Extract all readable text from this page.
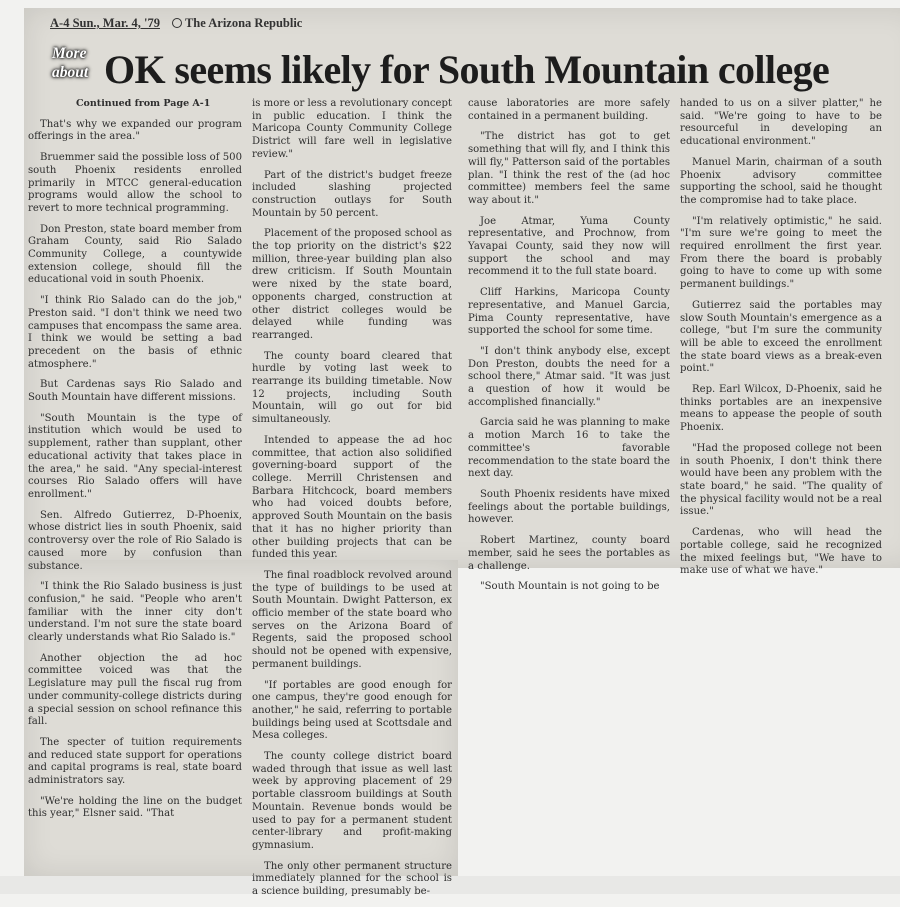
A-4 Sun., Mar. 4, '79 The Arizona Republic
More about OK seems likely for South Mountain college

Continued from Page A-1

That's why we expanded our program offerings in the area."

Bruemmer said the possible loss of 500 south Phoenix residents enrolled primarily in MTCC general-education programs would allow the school to revert to more technical programming.

Don Preston, state board member from Graham County, said Rio Salado Community College, a countywide extension college, should fill the educational void in south Phoenix.

"I think Rio Salado can do the job," Preston said. "I don't think we need two campuses that encompass the same area. I think we would be setting a bad precedent on the basis of ethnic atmosphere."

But Cardenas says Rio Salado and South Mountain have different missions.

"South Mountain is the type of institution which would be used to supplement, rather than supplant, other educational activity that takes place in the area," he said. "Any special-interest courses Rio Salado offers will have enrollment."

Sen. Alfredo Gutierrez, D-Phoenix, whose district lies in south Phoenix, said controversy over the role of Rio Salado is caused more by confusion than substance.

"I think the Rio Salado business is just confusion," he said. "People who aren't familiar with the inner city don't understand. I'm not sure the state board clearly understands what Rio Salado is."

Another objection the ad hoc committee voiced was that the Legislature may pull the fiscal rug from under community-college districts during a special session on school refinance this fall.

The specter of tuition requirements and reduced state support for operations and capital programs is real, state board administrators say.

"We're holding the line on the budget this year," Elsner said. "That

is more or less a revolutionary concept in public education. I think the Maricopa County Community College District will fare well in legislative review."

Part of the district's budget freeze included slashing projected construction outlays for South Mountain by 50 percent.

Placement of the proposed school as the top priority on the district's $22 million, three-year building plan also drew criticism. If South Mountain were nixed by the state board, opponents charged, construction at other district colleges would be delayed while funding was rearranged.

The county board cleared that hurdle by voting last week to rearrange its building timetable. Now 12 projects, including South Mountain, will go out for bid simultaneously.

Intended to appease the ad hoc committee, that action also solidified governing-board support of the college. Merrill Christensen and Barbara Hitchcock, board members who had voiced doubts before, approved South Mountain on the basis that it has no higher priority than other building projects that can be funded this year.

The final roadblock revolved around the type of buildings to be used at South Mountain. Dwight Patterson, ex officio member of the state board who serves on the Arizona Board of Regents, said the proposed school should not be opened with expensive, permanent buildings.

"If portables are good enough for one campus, they're good enough for another," he said, referring to portable buildings being used at Scottsdale and Mesa colleges.

The county college district board waded through that issue as well last week by approving placement of 29 portable classroom buildings at South Mountain. Revenue bonds would be used to pay for a permanent student center-library and profit-making gymnasium.

The only other permanent structure immediately planned for the school is a science building, presumably be-

cause laboratories are more safely contained in a permanent building.

"The district has got to get something that will fly, and I think this will fly," Patterson said of the portables plan. "I think the rest of the (ad hoc committee) members feel the same way about it."

Joe Atmar, Yuma County representative, and Prochnow, from Yavapai County, said they now will support the school and may recommend it to the full state board.

Cliff Harkins, Maricopa County representative, and Manuel Garcia, Pima County representative, have supported the school for some time.

"I don't think anybody else, except Don Preston, doubts the need for a school there," Atmar said. "It was just a question of how it would be accomplished financially."

Garcia said he was planning to make a motion March 16 to take the committee's favorable recommendation to the state board the next day.

South Phoenix residents have mixed feelings about the portable buildings, however.

Robert Martinez, county board member, said he sees the portables as a challenge.

"South Mountain is not going to be

handed to us on a silver platter," he said. "We're going to have to be resourceful in developing an educational environment."

Manuel Marin, chairman of a south Phoenix advisory committee supporting the school, said he thought the compromise had to take place.

"I'm relatively optimistic," he said. "I'm sure we're going to meet the required enrollment the first year. From there the board is probably going to have to come up with some permanent buildings."

Gutierrez said the portables may slow South Mountain's emergence as a college, "but I'm sure the community will be able to exceed the enrollment the state board views as a break-even point."

Rep. Earl Wilcox, D-Phoenix, said he thinks portables are an inexpensive means to appease the people of south Phoenix.

"Had the proposed college not been in south Phoenix, I don't think there would have been any problem with the state board," he said. "The quality of the physical facility would not be a real issue."

Cardenas, who will head the portable college, said he recognized the mixed feelings but, "We have to make use of what we have."
